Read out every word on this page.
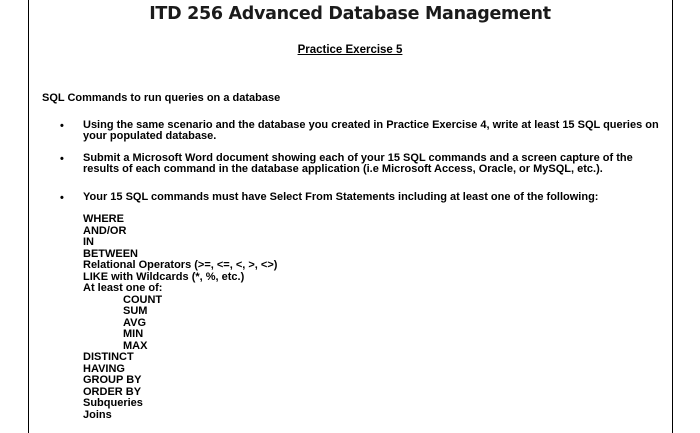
ITD 256 Advanced Database Management
Practice Exercise 5
SQL Commands to run queries on a database
• Using the same scenario and the database you created in Practice Exercise 4, write at least 15 SQL queries on your populated database.
• Submit a Microsoft Word document showing each of your 15 SQL commands and a screen capture of the results of each command in the database application (i.e Microsoft Access, Oracle, or MySQL, etc.).
• Your 15 SQL commands must have Select From Statements including at least one of the following:
WHERE
AND/OR
IN
BETWEEN
Relational Operators (>=, <=, <, >, <>)
LIKE with Wildcards (*, %, etc.)
At least one of:
COUNT
SUM
AVG
MIN
MAX
DISTINCT
HAVING
GROUP BY
ORDER BY
Subqueries
Joins
